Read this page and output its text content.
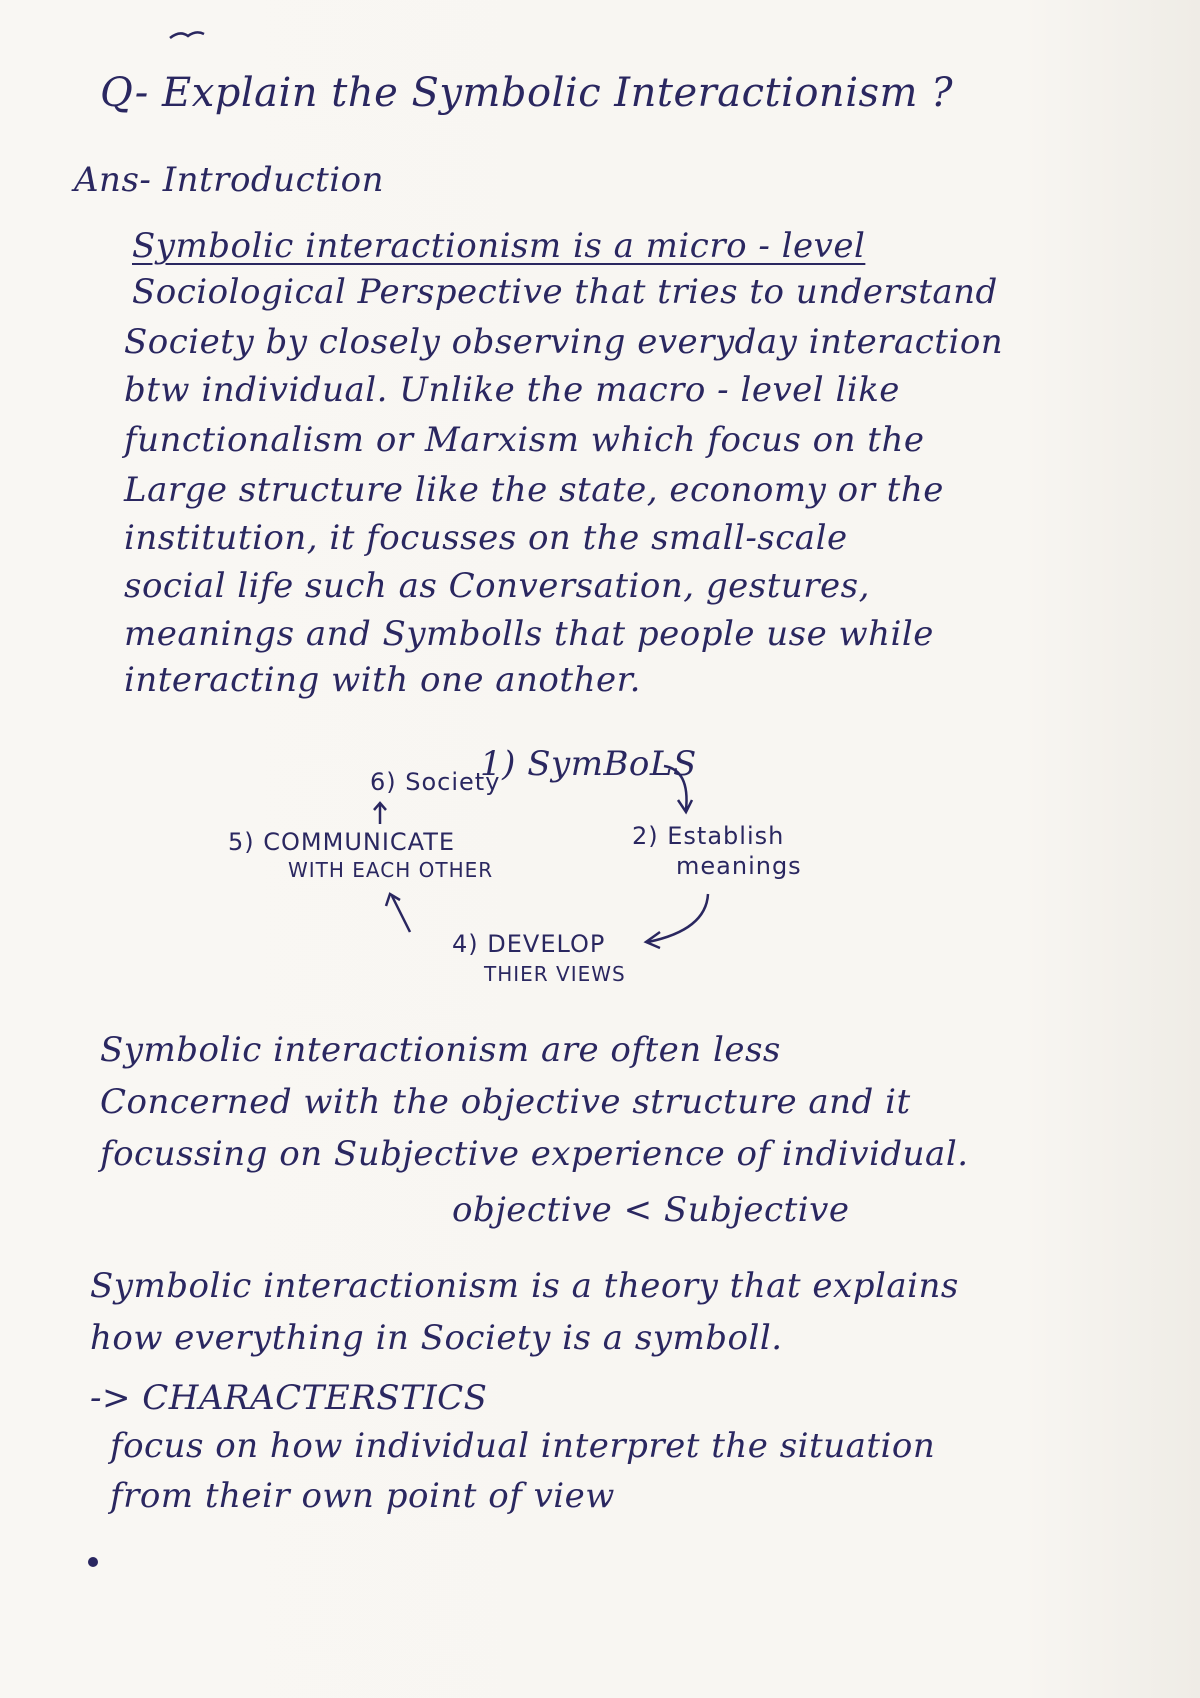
Q- Explain the Symbolic Interactionism ?
Ans- Introduction
Symbolic interactionism is a micro - level
Sociological Perspective that tries to understand
Society by closely observing everyday interaction
btw individual. Unlike the macro - level like
functionalism or Marxism which focus on the
Large structure like the state, economy or the
institution, it focusses on the small-scale
social life such as Conversation, gestures,
meanings and Symbolls that people use while
interacting with one another.
1) SymBoLS
6) Society
2) Establish
meanings
5) COMMUNICATE
WITH EACH OTHER
4) DEVELOP
THIER VIEWS
Symbolic interactionism are often less
Concerned with the objective structure and it
focussing on Subjective experience of individual.
objective < Subjective
Symbolic interactionism is a theory that explains
how everything in Society is a symboll.
-> CHARACTERSTICS
focus on how individual interpret the situation
from their own point of view
